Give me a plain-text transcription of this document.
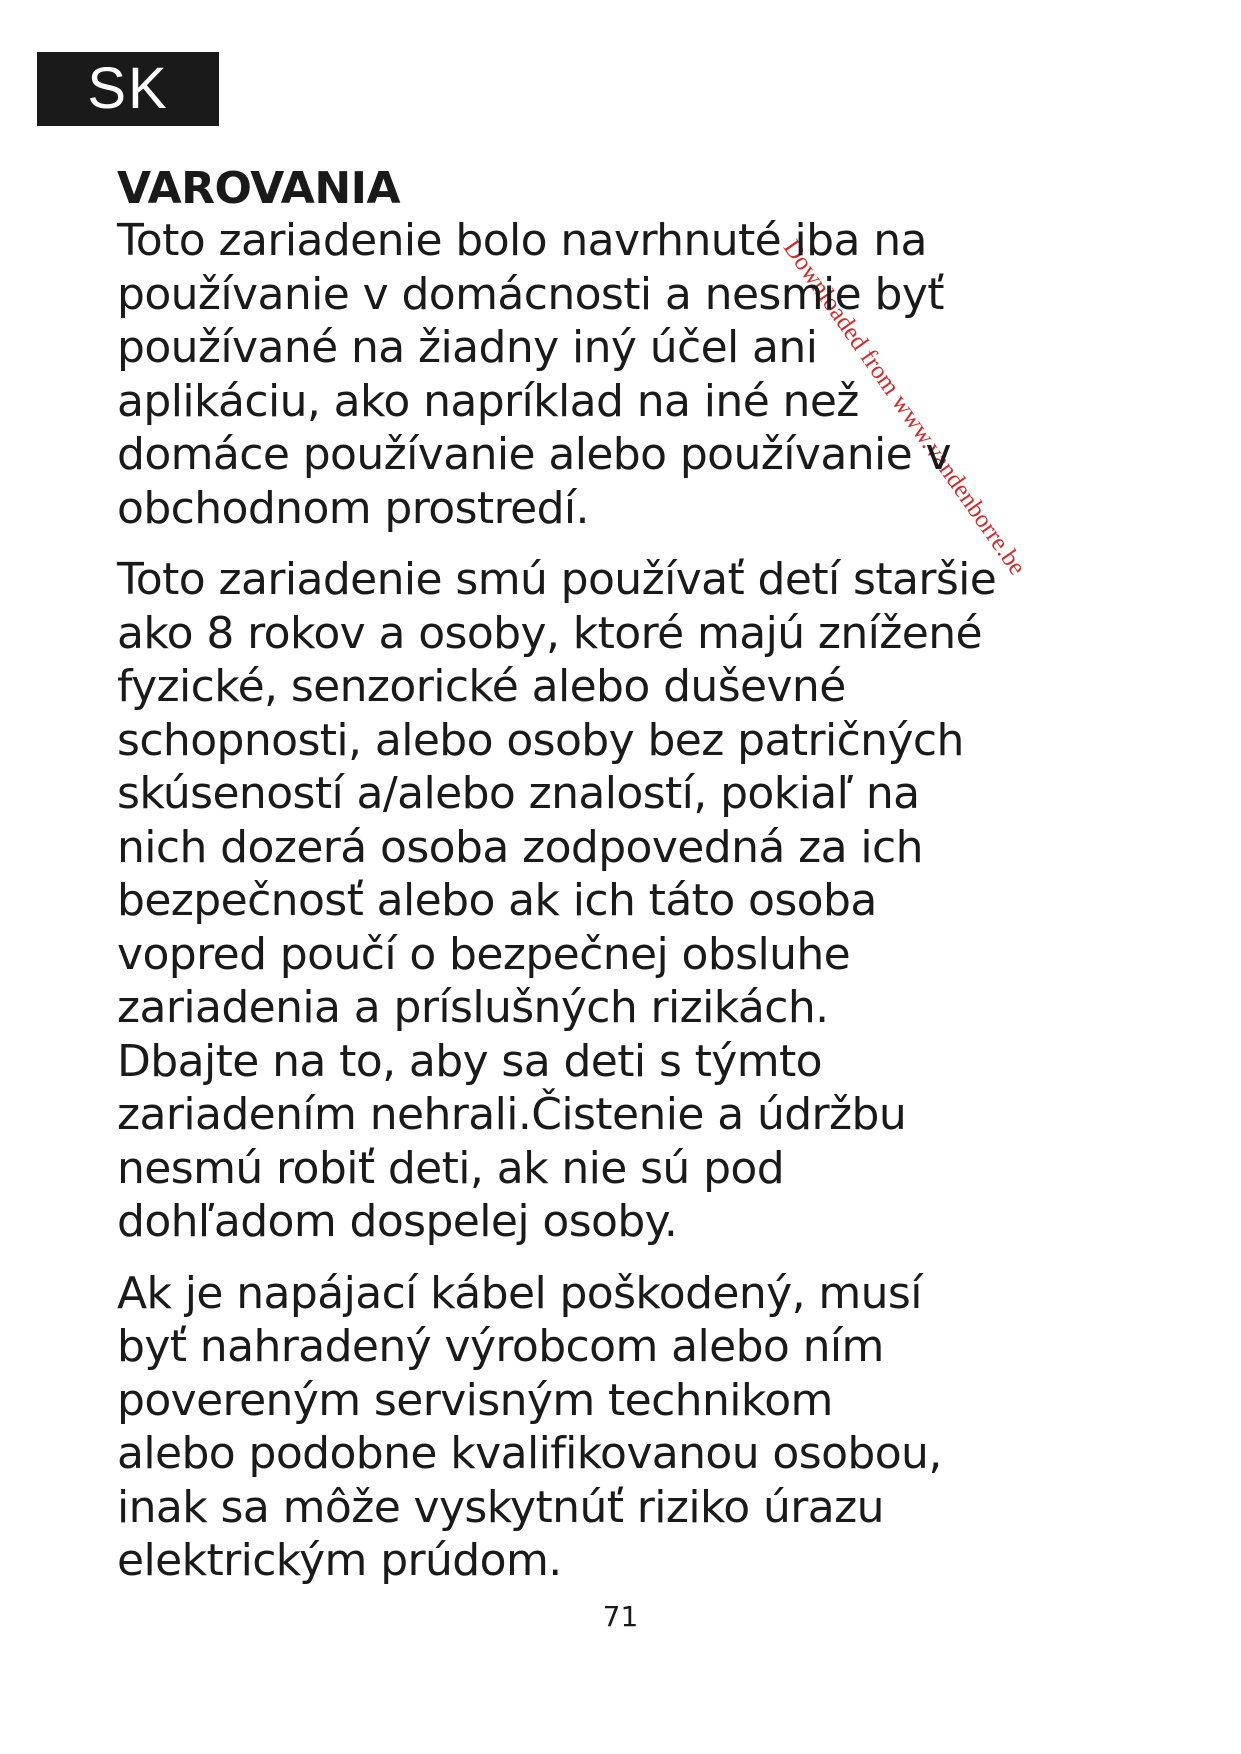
SK
Downloaded from www.vandenborre.be
VAROVANIA

Toto zariadenie bolo navrhnuté iba na
používanie v domácnosti a nesmie byť
používané na žiadny iný účel ani
aplikáciu, ako napríklad na iné než
domáce používanie alebo používanie v
obchodnom prostredí.

Toto zariadenie smú používať detí staršie
ako 8 rokov a osoby, ktoré majú znížené
fyzické, senzorické alebo duševné
schopnosti, alebo osoby bez patričných
skúseností a/alebo znalostí, pokiaľ na
nich dozerá osoba zodpovedná za ich
bezpečnosť alebo ak ich táto osoba
vopred poučí o bezpečnej obsluhe
zariadenia a príslušných rizikách.
Dbajte na to, aby sa deti s týmto
zariadením nehrali.Čistenie a údržbu
nesmú robiť deti, ak nie sú pod
dohľadom dospelej osoby.

Ak je napájací kábel poškodený, musí
byť nahradený výrobcom alebo ním
povereným servisným technikom
alebo podobne kvalifikovanou osobou,
inak sa môže vyskytnúť riziko úrazu
elektrickým prúdom.

71
